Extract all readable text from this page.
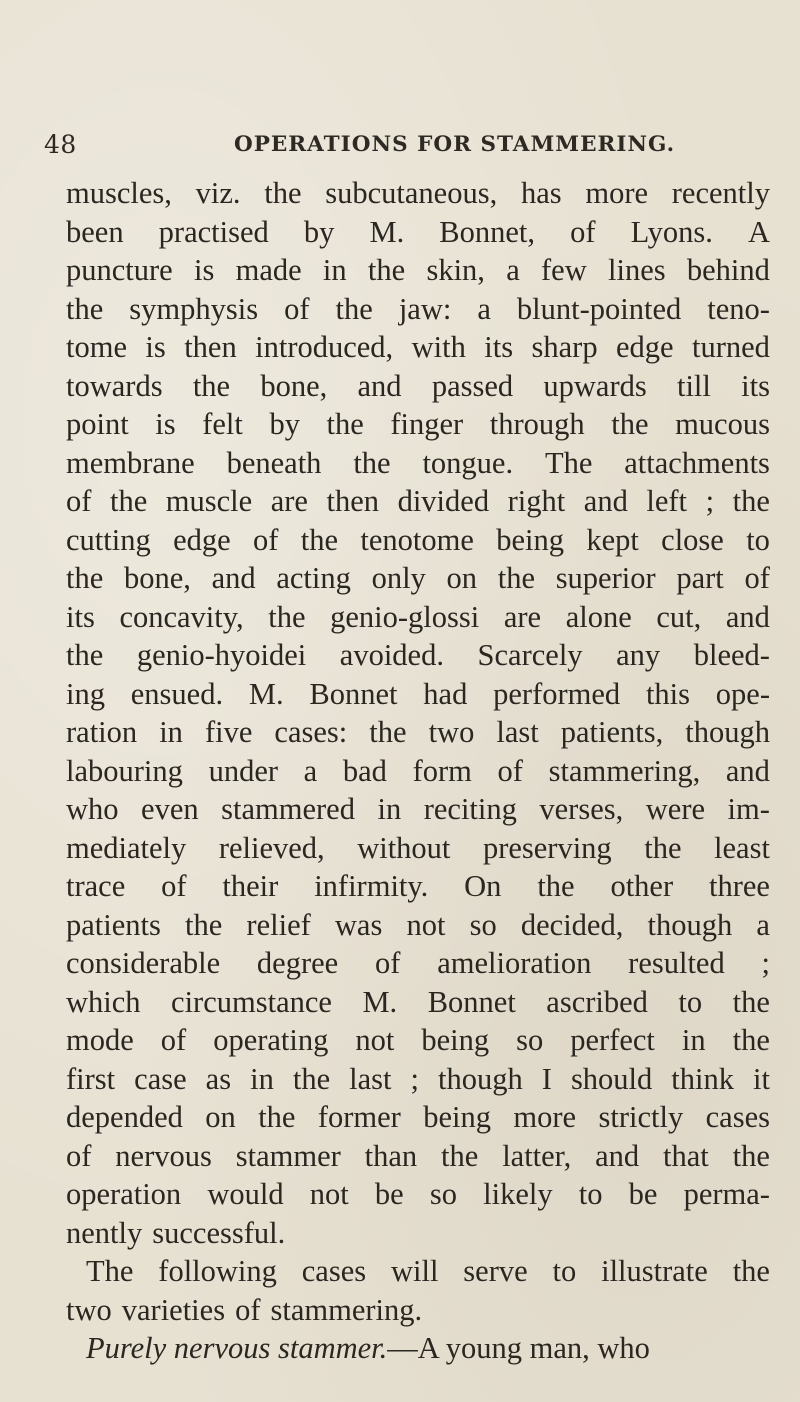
48	OPERATIONS FOR STAMMERING.
muscles, viz. the subcutaneous, has more recently
been practised by M. Bonnet, of Lyons. A
puncture is made in the skin, a few lines behind
the symphysis of the jaw: a blunt-pointed teno-
tome is then introduced, with its sharp edge turned
towards the bone, and passed upwards till its
point is felt by the finger through the mucous
membrane beneath the tongue. The attachments
of the muscle are then divided right and left ; the
cutting edge of the tenotome being kept close to
the bone, and acting only on the superior part of
its concavity, the genio-glossi are alone cut, and
the genio-hyoidei avoided. Scarcely any bleed-
ing ensued. M. Bonnet had performed this ope-
ration in five cases: the two last patients, though
labouring under a bad form of stammering, and
who even stammered in reciting verses, were im-
mediately relieved, without preserving the least
trace of their infirmity. On the other three
patients the relief was not so decided, though a
considerable degree of amelioration resulted ;
which circumstance M. Bonnet ascribed to the
mode of operating not being so perfect in the
first case as in the last ; though I should think it
depended on the former being more strictly cases
of nervous stammer than the latter, and that the
operation would not be so likely to be perma-
nently successful.
The following cases will serve to illustrate the
two varieties of stammering.
Purely nervous stammer. —A young man, who
